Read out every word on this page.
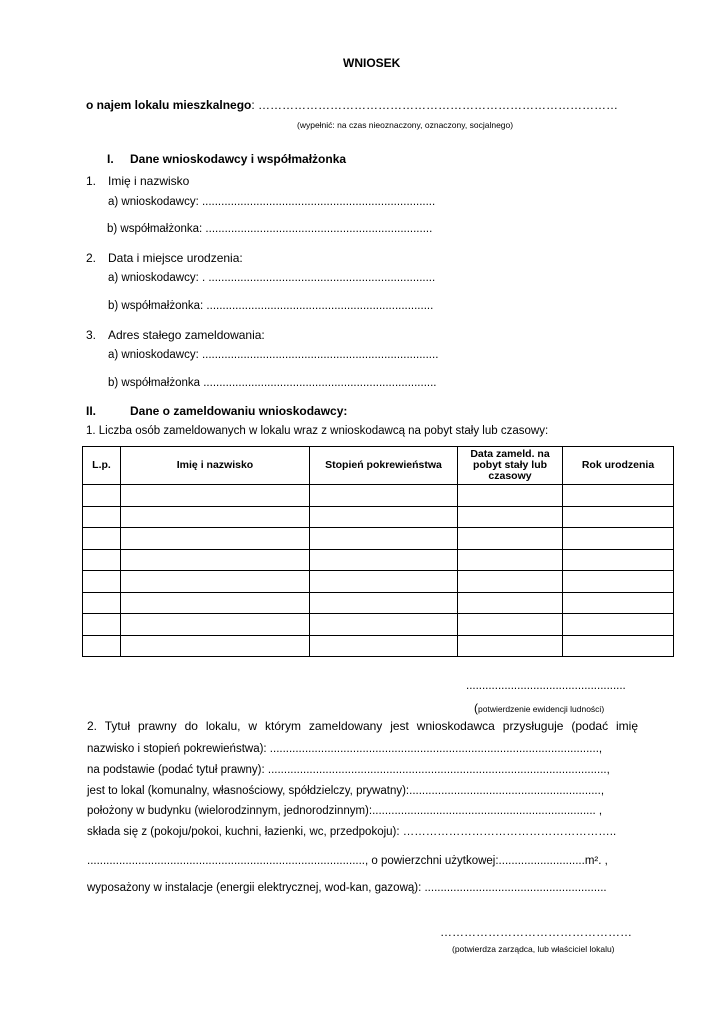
WNIOSEK
o najem lokalu mieszkalnego: ………………………………………………………………………………
(wypełnić: na czas nieoznaczony, oznaczony, socjalnego)
I. Dane wnioskodawcy i współmałżonka
1. Imię i nazwisko
a) wnioskodawcy: .........................................................................
b) współmałżonka: .......................................................................
2. Data i miejsce urodzenia:
a) wnioskodawcy: . .......................................................................
b) współmałżonka: .......................................................................
3. Adres stałego zameldowania:
a) wnioskodawcy: ..........................................................................
b) współmałżonka .........................................................................
II.	Dane o zameldowaniu wnioskodawcy:
1. Liczba osób zameldowanych w lokalu wraz z wnioskodawcą na pobyt stały lub czasowy:
L.p.	Imię i nazwisko	Stopień pokrewieństwa	Data zameld. na pobyt stały lub czasowy	Rok urodzenia

..................................................
(potwierdzenie ewidencji ludności)
2. Tytuł prawny do lokalu, w którym zameldowany jest wnioskodawca przysługuje (podać imię
nazwisko i stopień pokrewieństwa): .......................................................................................................,
na podstawie (podać tytuł prawny): ..........................................................................................................,
jest to lokal (komunalny, własnościowy, spółdzielczy, prywatny):............................................................,
położony w budynku (wielorodzinnym, jednorodzinnym):...................................................................... ,
składa się z (pokoju/pokoi, kuchni, łazienki, wc, przedpokoju): ………………………………………………..
......................................................................................., o powierzchni użytkowej:...........................m². ,
wyposażony w instalacje (energii elektrycznej, wod-kan, gazową): .........................................................
…………………………………………
(potwierdza zarządca, lub właściciel lokalu)
